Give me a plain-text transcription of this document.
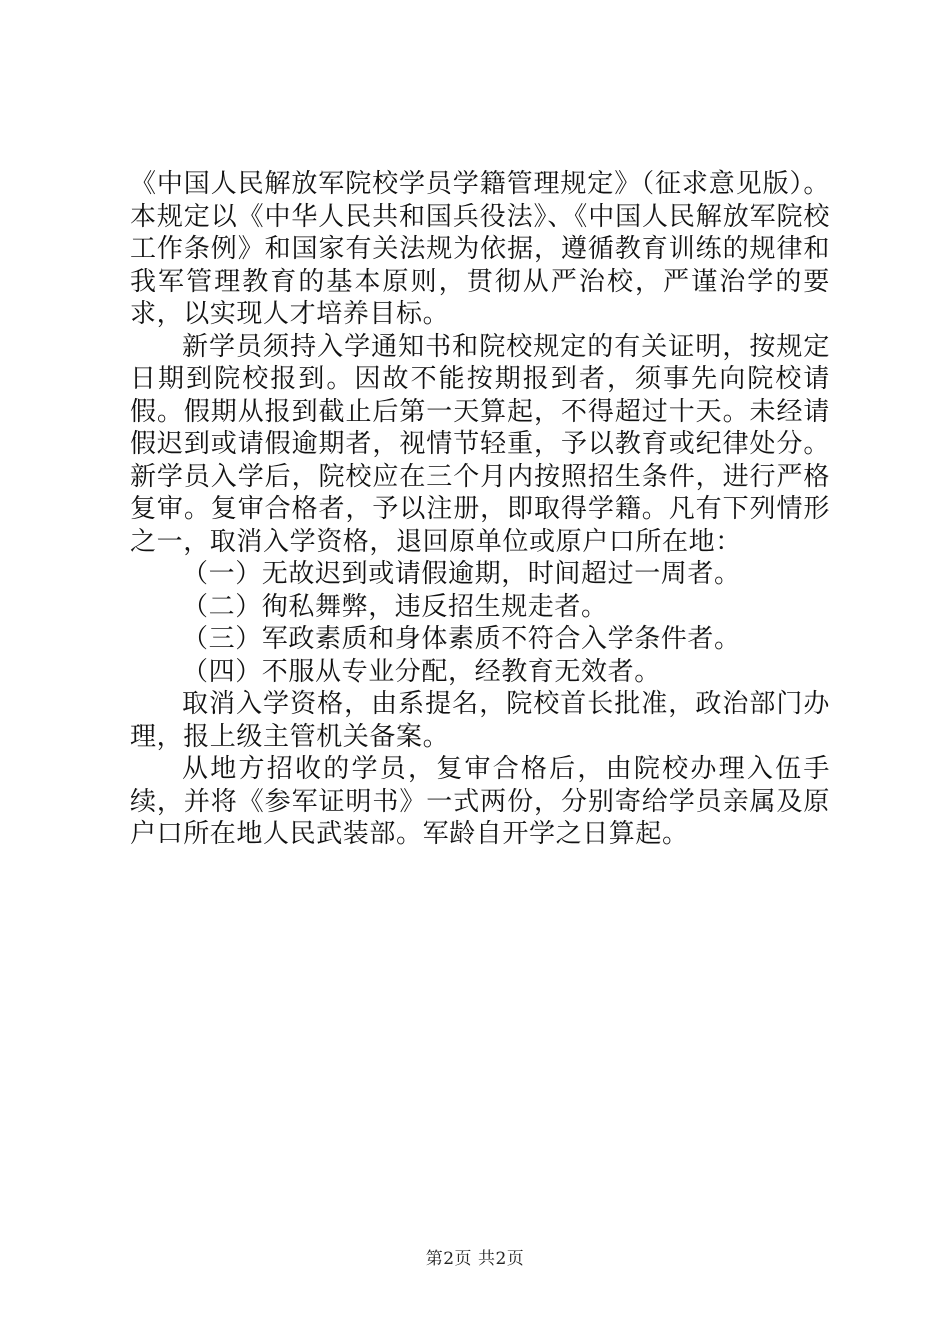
《中国人民解放军院校学员学籍管理规定》（征求意见版）。本规定以《中华人民共和国兵役法》、《中国人民解放军院校工作条例》和国家有关法规为依据，遵循教育训练的规律和我军管理教育的基本原则，贯彻从严治校，严谨治学的要求，以实现人才培养目标。

新学员须持入学通知书和院校规定的有关证明，按规定日期到院校报到。因故不能按期报到者，须事先向院校请假。假期从报到截止后第一天算起，不得超过十天。未经请假迟到或请假逾期者，视情节轻重，予以教育或纪律处分。新学员入学后，院校应在三个月内按照招生条件，进行严格复审。复审合格者，予以注册，即取得学籍。凡有下列情形之一，取消入学资格，退回原单位或原户口所在地：

（一）无故迟到或请假逾期，时间超过一周者。

（二）徇私舞弊，违反招生规走者。

（三）军政素质和身体素质不符合入学条件者。

（四）不服从专业分配，经教育无效者。

取消入学资格，由系提名，院校首长批准，政治部门办理，报上级主管机关备案。

从地方招收的学员，复审合格后，由院校办理入伍手续，并将《参军证明书》一式两份，分别寄给学员亲属及原户口所在地人民武装部。军龄自开学之日算起。

第2页 共2页
